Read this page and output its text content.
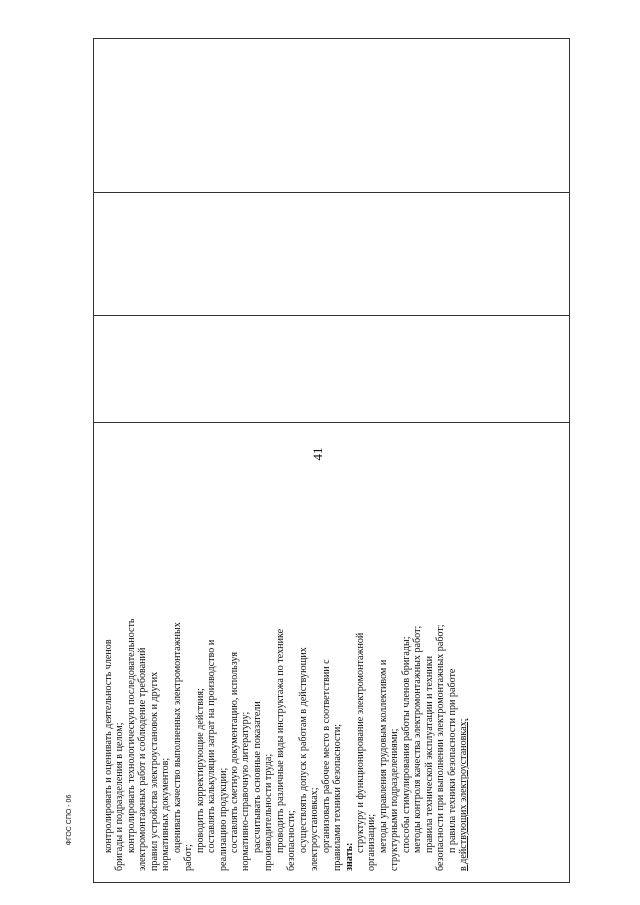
41

контролировать и оценивать деятельность членов бригады и подразделения в целом; контролировать технологическую последовательность электромонтажных работ и соблюдение требований правил устройства электроустановок и других нормативных документов; оценивать качество выполненных электромонтажных

работ;

проводить корректирующие действия; составлять калькуляции затрат на производство и реализацию продукции; составлять сметную документацию, используя нормативно-справочную литературу; рассчитывать основные показатели производительности труда; проводить различные виды инструктажа по технике безопасности; осуществлять допуск к работам в действующих электроустановках; организовать рабочее место в соответствии с правилами техники безопасности; знать:

структуру и функционирование электромонтажной организации; методы управления трудовым коллективом и структурными подразделениями; способы стимулирования работы членов бригады; методы контроля качества электромонтажных работ; правила технической эксплуатации и техники безопасности при выполнении электромонтажных работ; п равила техники безопасности при работе в действующих электроустановках;

ФГОС СПО - 06
